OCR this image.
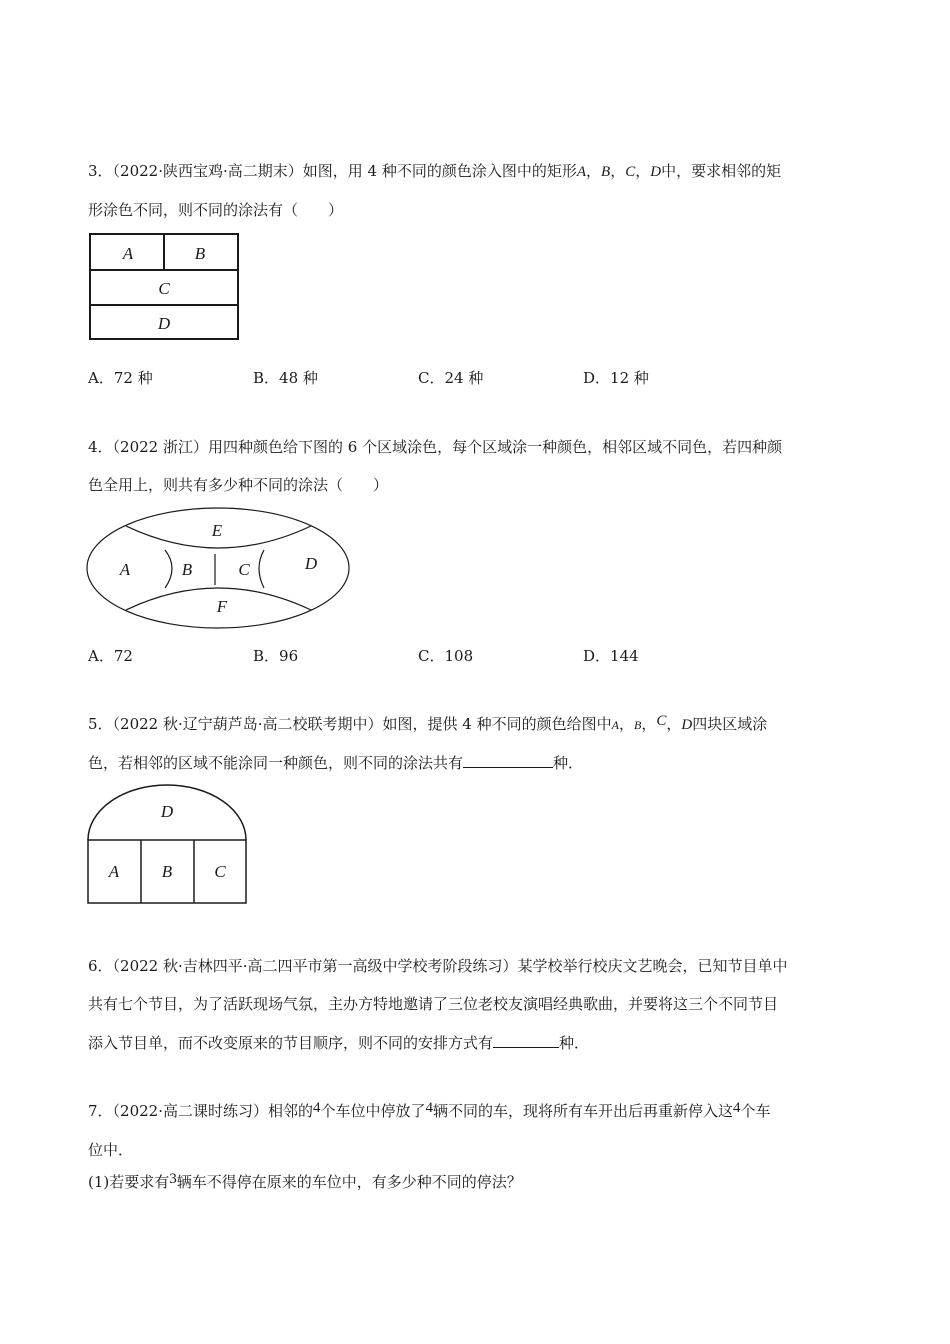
3．（2022·陕西宝鸡·高二期末）如图，用 4 种不同的颜色涂入图中的矩形A，B，C，D中，要求相邻的矩
形涂色不同，则不同的涂法有（　　）
A	B
C
D
A．72 种	B．48 种	C．24 种	D．12 种
4．（2022 浙江）用四种颜色给下图的 6 个区域涂色，每个区域涂一种颜色，相邻区域不同色，若四种颜
色全用上，则共有多少种不同的涂法（　　）
E
A	B	C	D
F
A．72	B．96	C．108	D．144
5．（2022 秋·辽宁葫芦岛·高二校联考期中）如图，提供 4 种不同的颜色给图中A，B，C，D四块区域涂
色，若相邻的区域不能涂同一种颜色，则不同的涂法共有	种．
D
A	B C
6．（2022 秋·吉林四平·高二四平市第一高级中学校考阶段练习）某学校举行校庆文艺晚会，已知节目单中
共有七个节目，为了活跃现场气氛，主办方特地邀请了三位老校友演唱经典歌曲，并要将这三个不同节目
添入节目单，而不改变原来的节目顺序，则不同的安排方式有	种．
7．（2022·高二课时练习）相邻的4个车位中停放了4辆不同的车，现将所有车开出后再重新停入这4个车
位中．
(1)若要求有3辆车不得停在原来的车位中，有多少种不同的停法？
